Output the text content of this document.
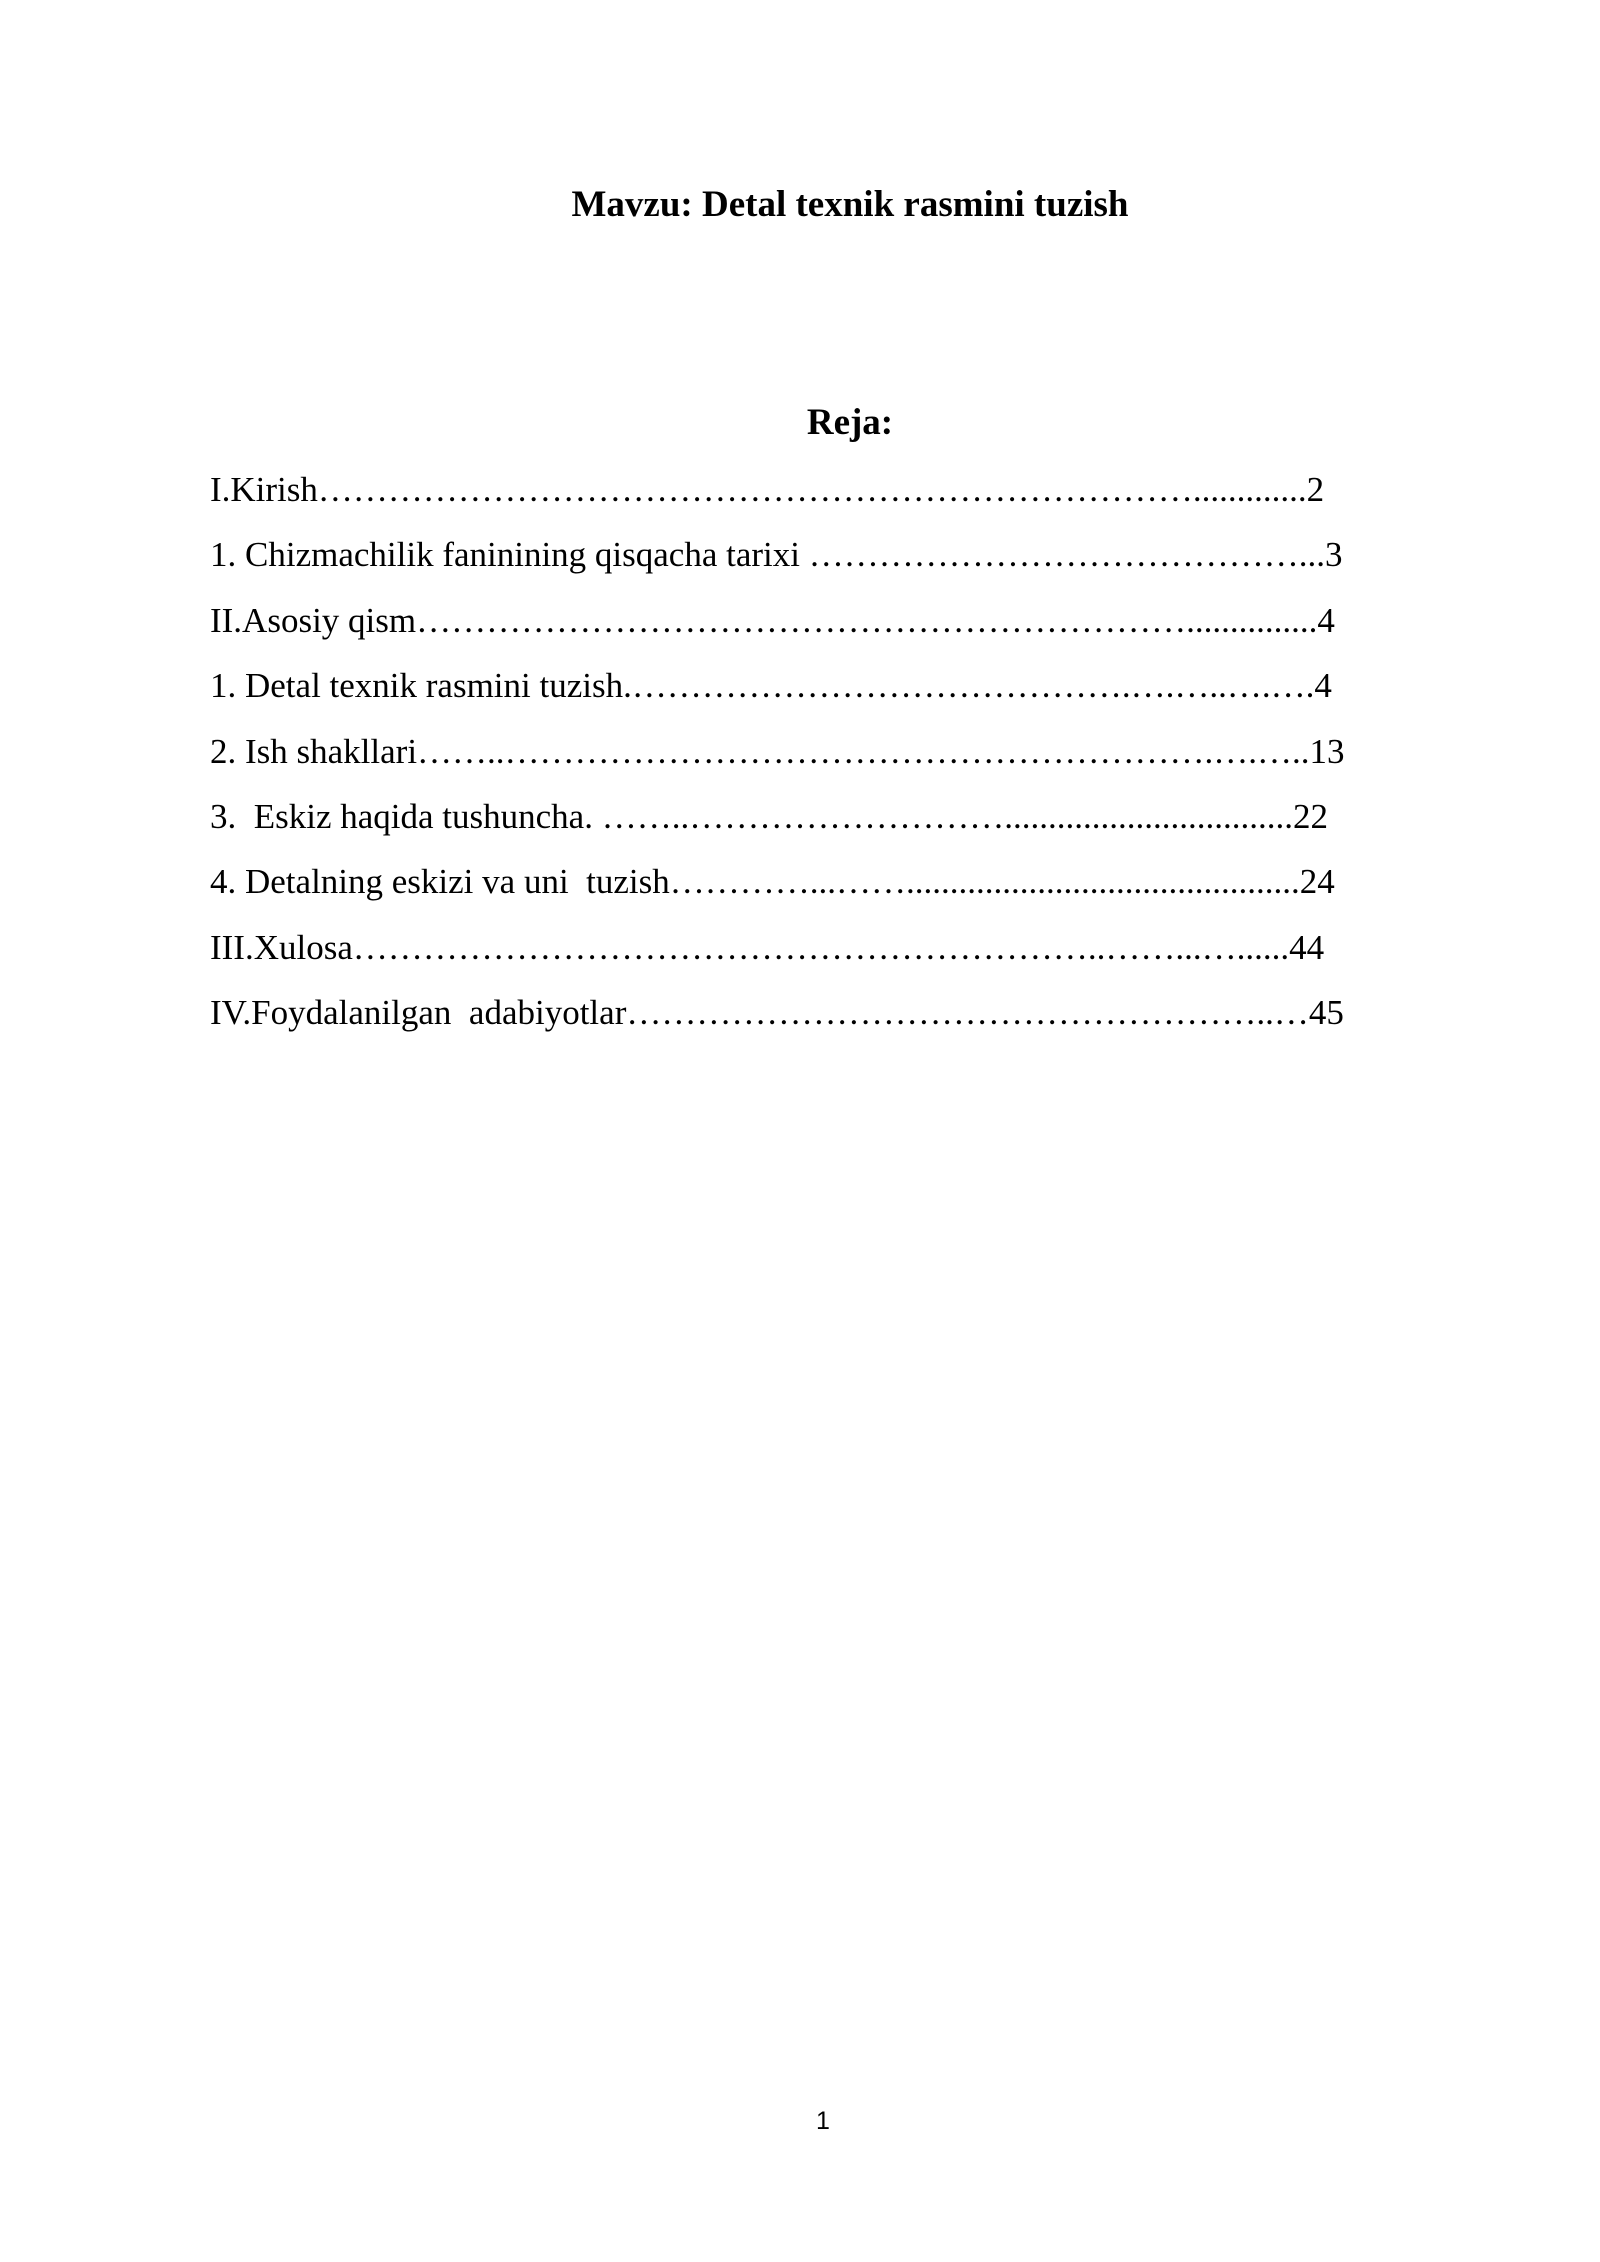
Mavzu: Detal texnik rasmini tuzish
Reja:
I.Kirish………………………………………………………………….............2
1. Chizmachilik faninining qisqacha tarixi ……………………………………...3
II.Asosiy qism…………………………………………………………...............4
1. Detal texnik rasmini tuzish.…………………………………….….…..….….4
2. Ish shakllari……..…………………………………………………….….…..13
3.  Eskiz haqida tushuncha. ……..……………………….................................22
4. Detalning eskizi va uni  tuzish…………...…….............................................24
III.Xulosa………………………………………………………..……...…......44
IV.Foydalanilgan  adabiyotlar………………………………………………..…45
1
